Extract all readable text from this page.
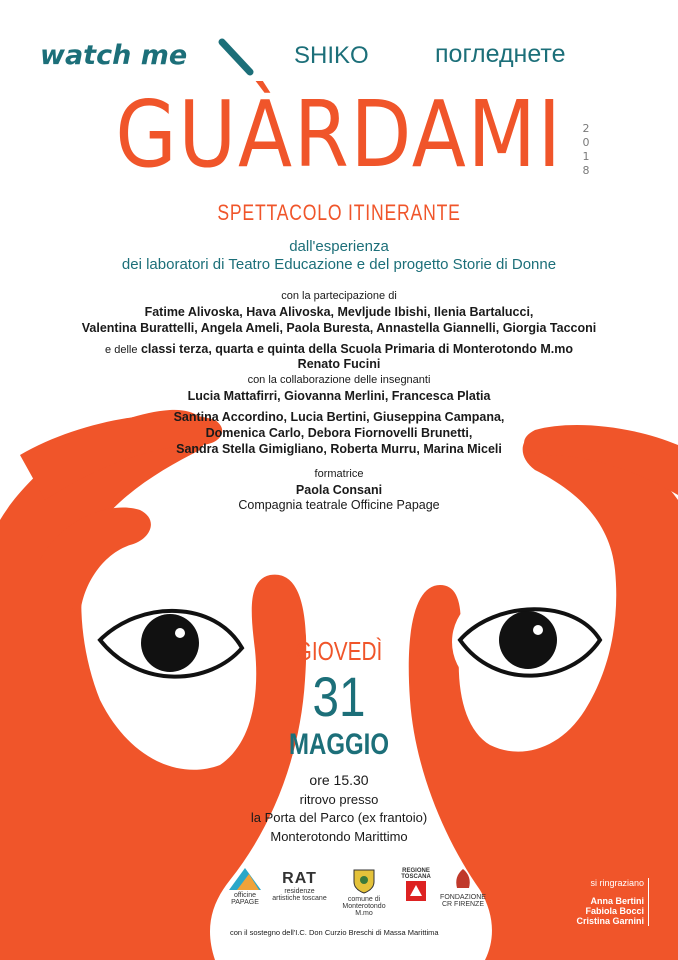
watch me	SHIKO	погледнете
GUÀRDAMI	2
0
1
8
SPETTACOLO ITINERANTE
dall'esperienza
dei laboratori di Teatro Educazione e del progetto Storie di Donne
con la partecipazione di
Fatime Alivoska, Hava Alivoska, Mevljude Ibishi, Ilenia Bartalucci,
Valentina Burattelli, Angela Ameli, Paola Buresta, Annastella Giannelli, Giorgia Tacconi
e delle classi terza, quarta e quinta della Scuola Primaria di Monterotondo M.mo
Renato Fucini
con la collaborazione delle insegnanti
Lucia Mattafirri, Giovanna Merlini, Francesca Platia
Santina Accordino, Lucia Bertini, Giuseppina Campana,
Domenica Carlo, Debora Fiornovelli Brunetti,
Sandra Stella Gimigliano, Roberta Murru, Marina Miceli
formatrice
Paola Consani
Compagnia teatrale Officine Papage
GIOVEDÌ
31
MAGGIO
ore 15.30
ritrovo presso
la Porta del Parco (ex frantoio)
Monterotondo Marittimo
officine PAPAGE
RAT
residenze artistiche toscane	comune di Monterotondo M.mo
REGIONE TOSCANA
FONDAZIONE CR FIRENZE
con il sostegno dell'I.C. Don Curzio Breschi di Massa Marittima
si ringraziano
Anna Bertini
Fabiola Bocci
Cristina Garnini
